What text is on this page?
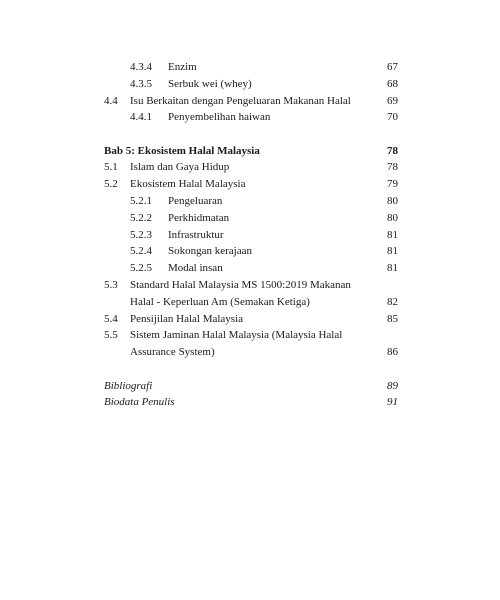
4.3.4 Enzim	67
4.3.5 Serbuk wei (whey)	68
4.4 Isu Berkaitan dengan Pengeluaran Makanan Halal	69
4.4.1 Penyembelihan haiwan	70
Bab 5: Ekosistem Halal Malaysia	78
5.1 Islam dan Gaya Hidup	78
5.2 Ekosistem Halal Malaysia	79
5.2.1 Pengeluaran	80
5.2.2 Perkhidmatan	80
5.2.3 Infrastruktur	81
5.2.4 Sokongan kerajaan	81
5.2.5 Modal insan	81
5.3 Standard Halal Malaysia MS 1500:2019 Makanan
Halal - Keperluan Am (Semakan Ketiga)	82
5.4 Pensijilan Halal Malaysia	85
5.5 Sistem Jaminan Halal Malaysia (Malaysia Halal
Assurance System)	86
Bibliografi	89
Biodata Penulis	91
